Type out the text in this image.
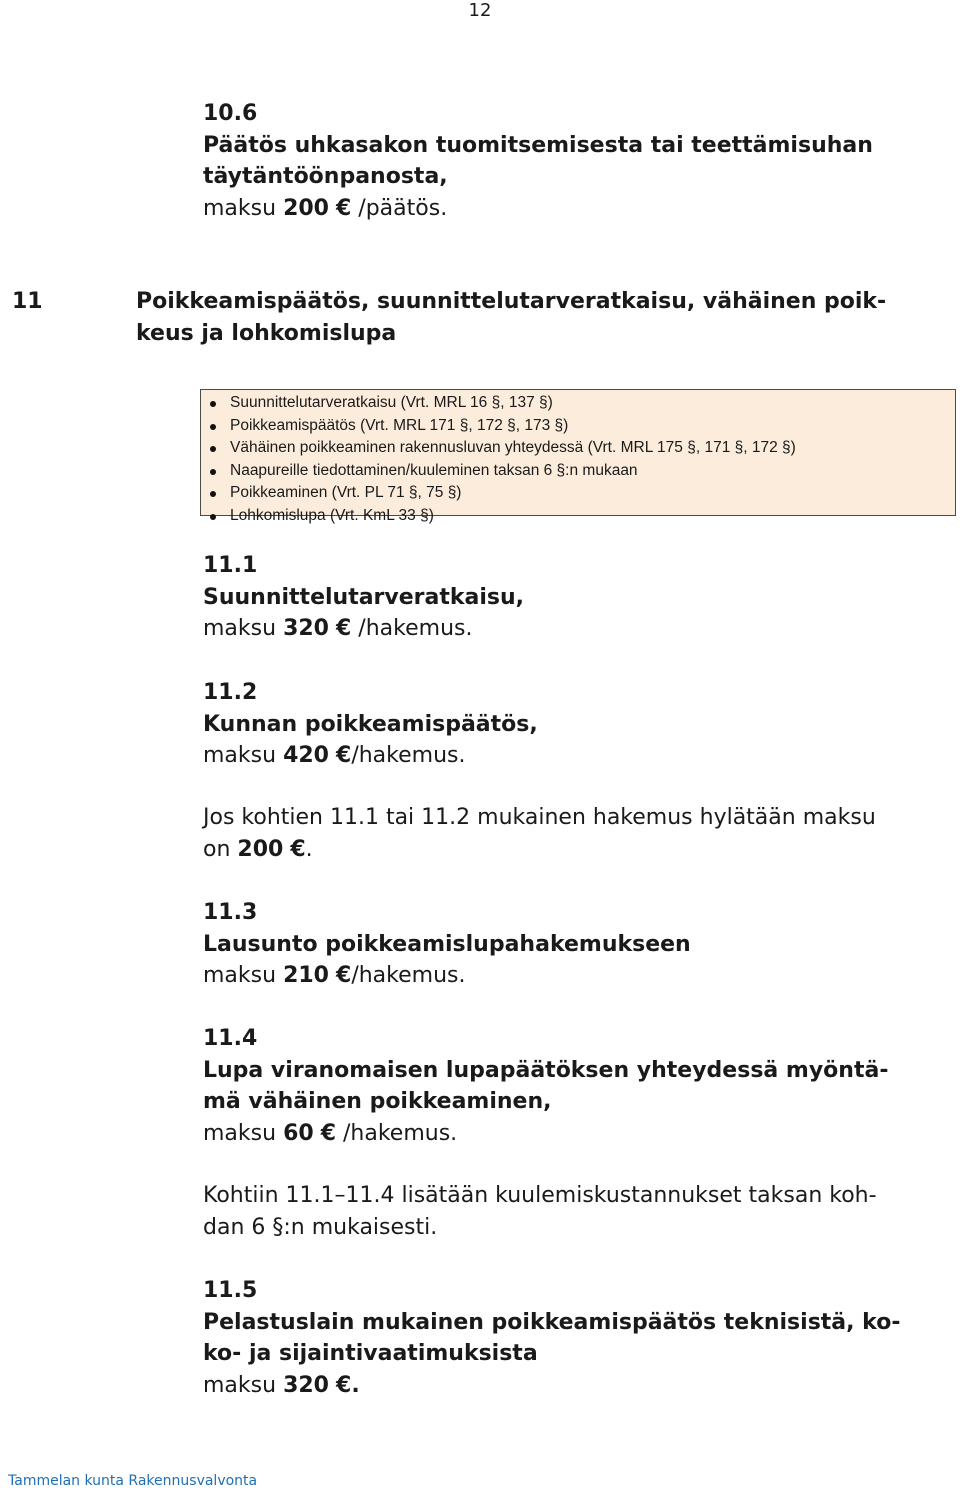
12
10.6
Päätös uhkasakon tuomitsemisesta tai teettämisuhan
täytäntöönpanosta,
maksu 200 € /päätös.
11	Poikkeamispäätös, suunnittelutarveratkaisu, vähäinen poik-
keus ja lohkomislupa
Suunnittelutarveratkaisu (Vrt. MRL 16 §, 137 §)
Poikkeamispäätös (Vrt. MRL 171 §, 172 §, 173 §)
Vähäinen poikkeaminen rakennusluvan yhteydessä (Vrt. MRL 175 §, 171 §, 172 §)
Naapureille tiedottaminen/kuuleminen taksan 6 §:n mukaan
Poikkeaminen (Vrt. PL 71 §, 75 §)
Lohkomislupa (Vrt. KmL 33 §)
11.1
Suunnittelutarveratkaisu,
maksu 320 € /hakemus.
11.2
Kunnan poikkeamispäätös,
maksu 420 €/hakemus.
Jos kohtien 11.1 tai 11.2 mukainen hakemus hylätään maksu
on 200 €.
11.3
Lausunto poikkeamislupahakemukseen
maksu 210 €/hakemus.
11.4
Lupa viranomaisen lupapäätöksen yhteydessä myöntä-
mä vähäinen poikkeaminen,
maksu 60 € /hakemus.
Kohtiin 11.1–11.4 lisätään kuulemiskustannukset taksan koh-
dan 6 §:n mukaisesti.
11.5
Pelastuslain mukainen poikkeamispäätös teknisistä, ko-
ko- ja sijaintivaatimuksista
maksu 320 €.
Tammelan kunta Rakennusvalvonta
